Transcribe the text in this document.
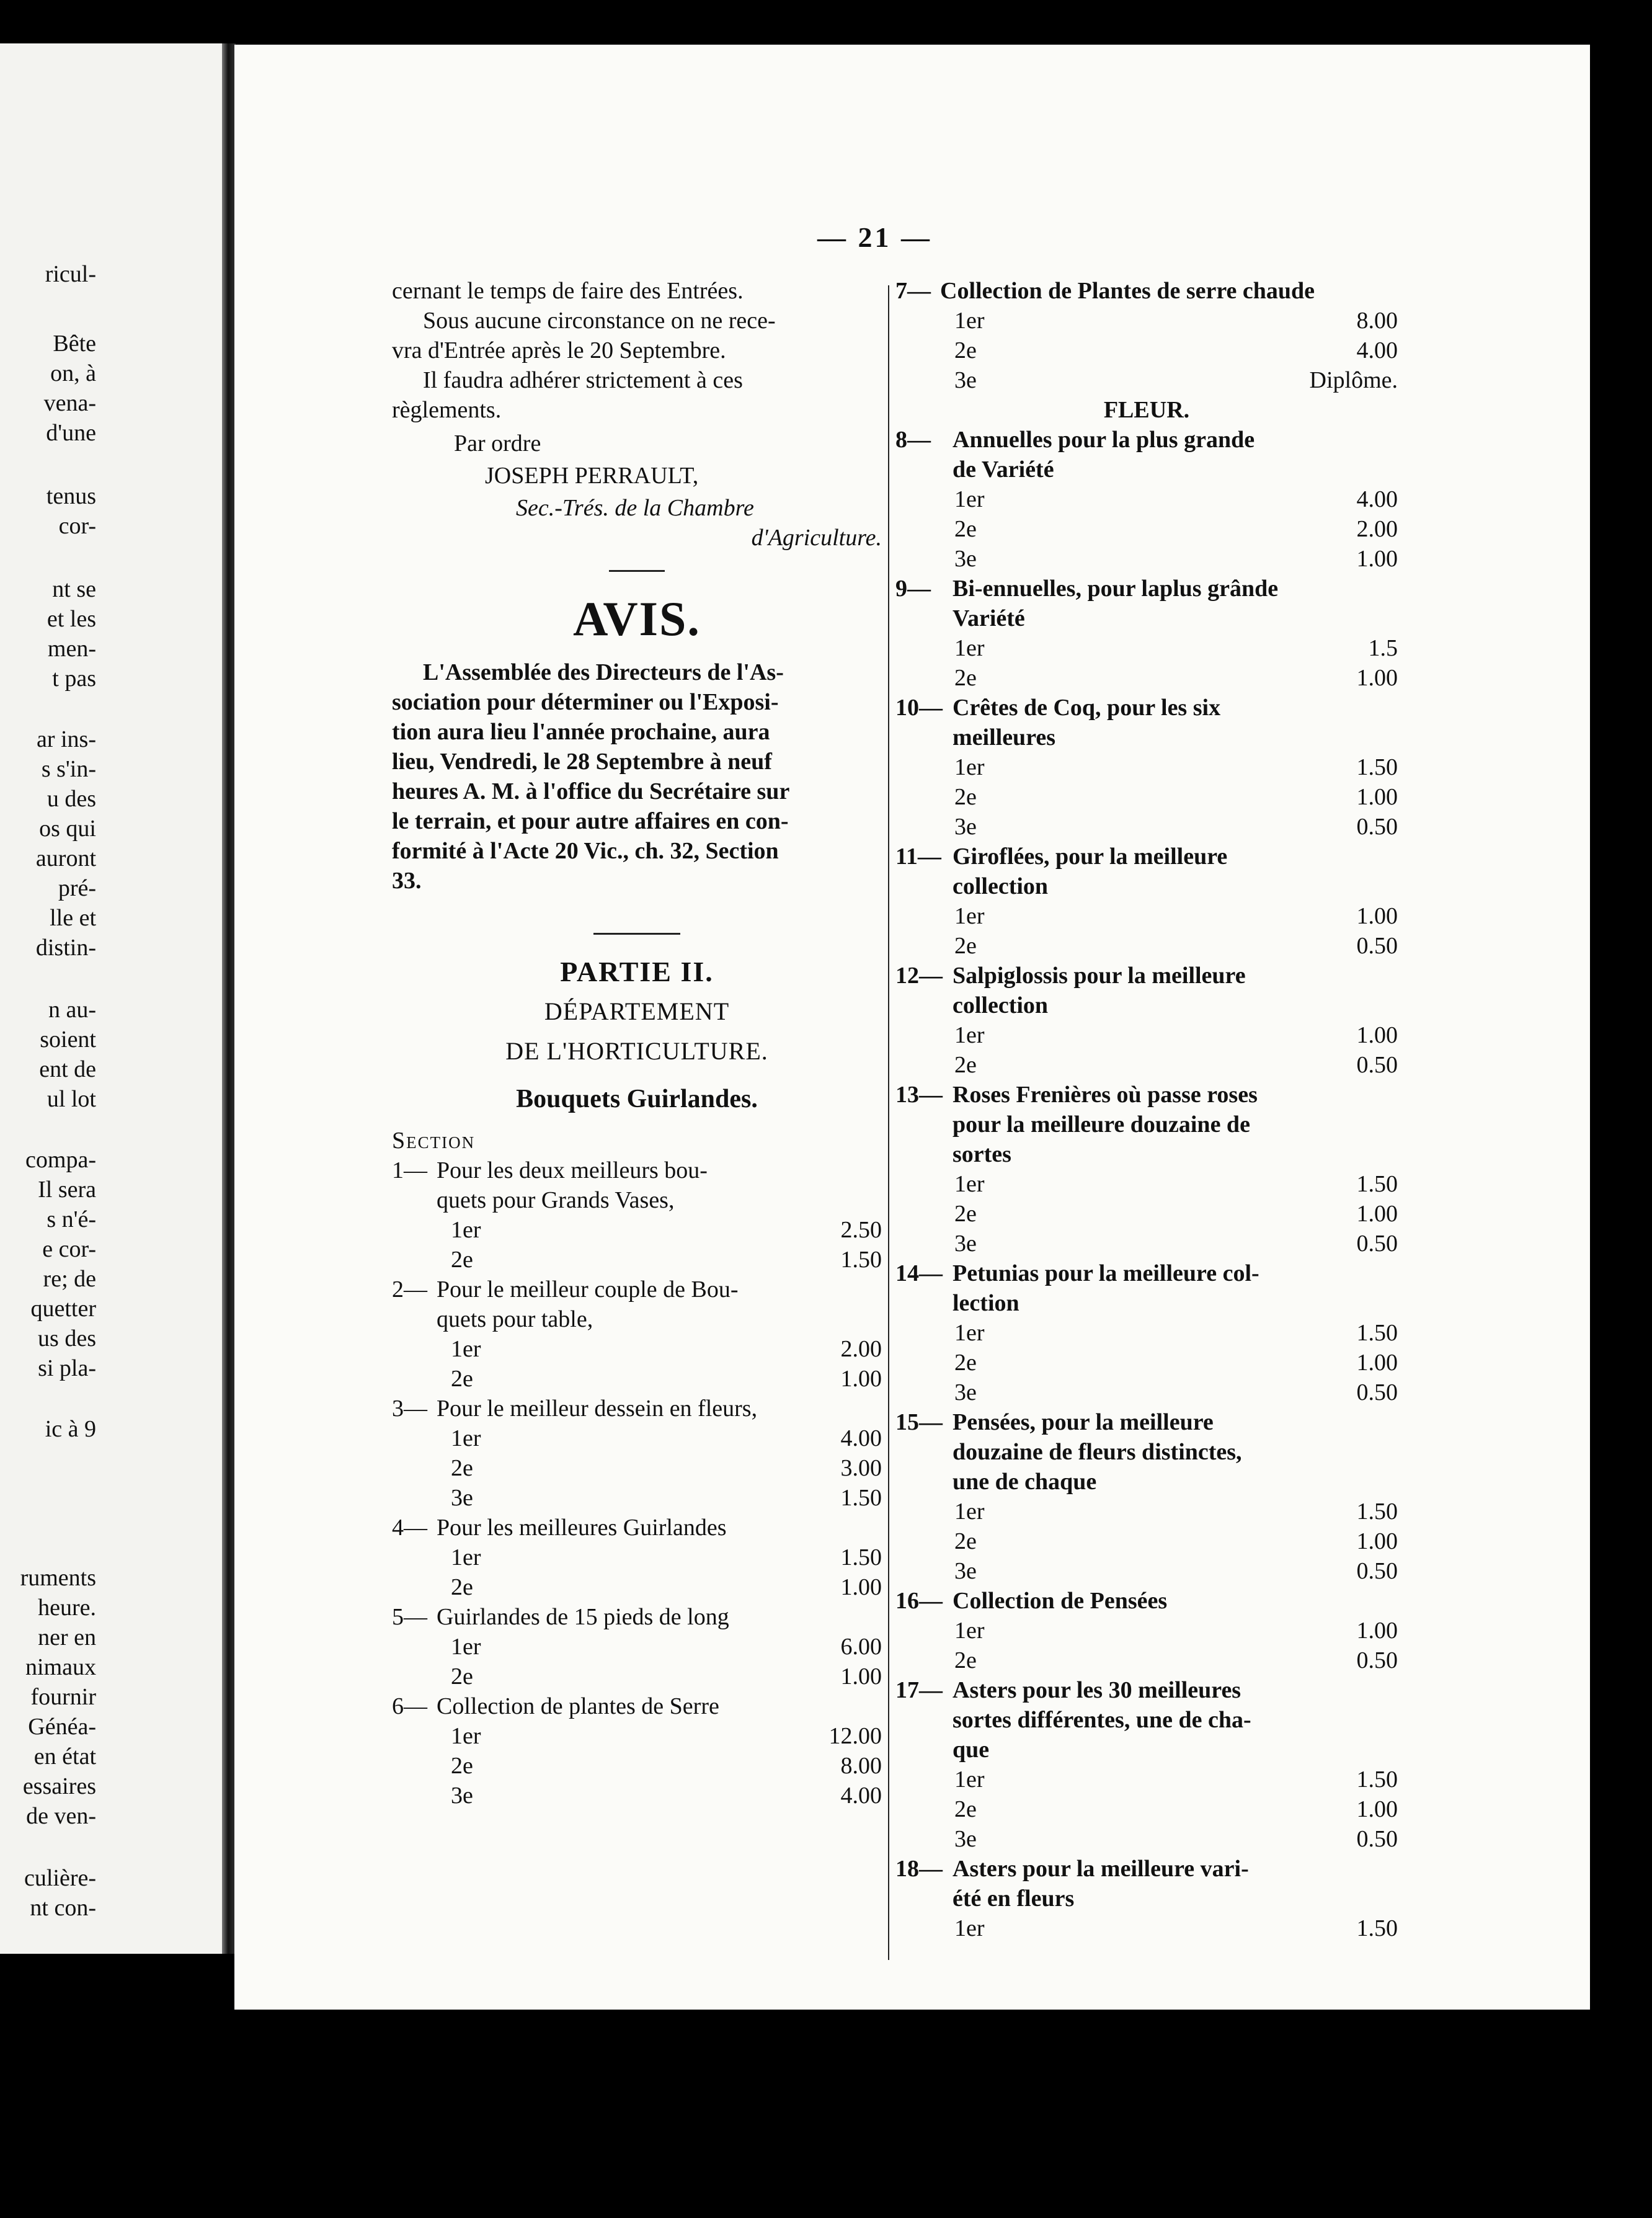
ricul-
Bête
on, à
vena-
d'une
tenus
cor-
nt se
et les
men-
t pas
ar ins-
s s'in-
u des
os qui
auront
pré-
lle et
distin-
n au-
soient
ent de
ul lot
compa-
Il sera
s n'é-
e cor-
re; de
quetter
us des
si pla-
ic à 9
ruments
heure.
ner en
nimaux
fournir
Généa-
en état
essaires
de ven-
culière-
nt con-
— 21 —
cernant le temps de faire des Entrées.
Sous aucune circonstance on ne rece-
vra d'Entrée après le 20 Septembre.
Il faudra adhérer strictement à ces
règlements.
Par ordre
JOSEPH PERRAULT,
Sec.-Trés. de la Chambre
d'Agriculture.
AVIS.
L'Assemblée des Directeurs de l'As-
sociation pour déterminer ou l'Exposi-
tion aura lieu l'année prochaine, aura
lieu, Vendredi, le 28 Septembre à neuf
heures A. M. à l'office du Secrétaire sur
le terrain, et pour autre affaires en con-
formité à l'Acte 20 Vic., ch. 32, Section
33.
PARTIE II.
DÉPARTEMENT
DE L'HORTICULTURE.
Bouquets Guirlandes.
Section
1— Pour les deux meilleurs bou-
quets pour Grands Vases,
1er	2.50
2e	1.50
2— Pour le meilleur couple de Bou-
quets pour table,
1er	2.00
2e	1.00
3— Pour le meilleur dessein en fleurs,
1er	4.00
2e	3.00
3e	1.50
4— Pour les meilleures Guirlandes
1er	1.50
2e	1.00
5— Guirlandes de 15 pieds de long
1er	6.00
2e	1.00
6— Collection de plantes de Serre
1er	12.00
2e	8.00
3e	4.00
7— Collection de Plantes de serre chaude
1er	8.00
2e	4.00
3e	Diplôme.
FLEUR.
8— Annuelles pour la plus grande
de Variété
1er	4.00
2e	2.00
3e	1.00
9— Bi-ennuelles, pour laplus grânde
Variété
1er	1.5
2e	1.00
10— Crêtes de Coq, pour les six
meilleures
1er	1.50
2e	1.00
3e	0.50
11— Giroflées, pour la meilleure
collection
1er	1.00
2e	0.50
12— Salpiglossis pour la meilleure
collection
1er	1.00
2e	0.50
13— Roses Frenières où passe roses
pour la meilleure douzaine de
sortes
1er	1.50
2e	1.00
3e	0.50
14— Petunias pour la meilleure col-
lection
1er	1.50
2e	1.00
3e	0.50
15— Pensées, pour la meilleure
douzaine de fleurs distinctes,
une de chaque
1er	1.50
2e	1.00
3e	0.50
16— Collection de Pensées
1er	1.00
2e	0.50
17— Asters pour les 30 meilleures
sortes différentes, une de cha-
que
1er	1.50
2e	1.00
3e	0.50
18— Asters pour la meilleure vari-
été en fleurs
1er	1.50
